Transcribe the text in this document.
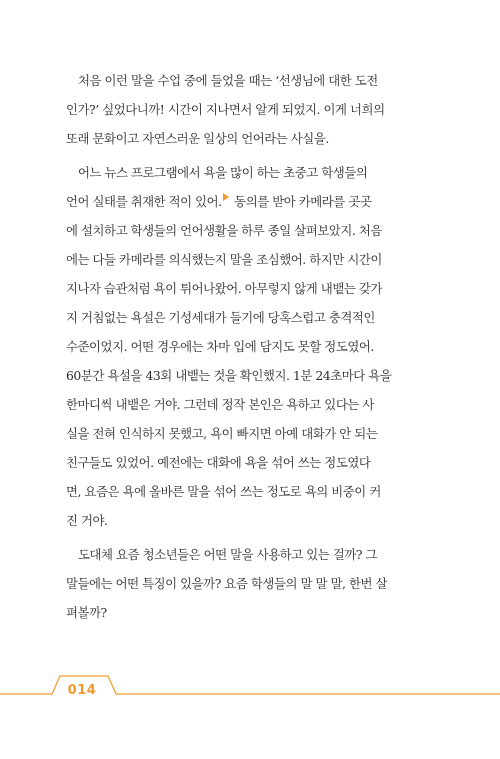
처음 이런 말을 수업 중에 들었을 때는 ‘선생님에 대한 도전
인가?’ 싶었다니까! 시간이 지나면서 알게 되었지. 이게 너희의
또래 문화이고 자연스러운 일상의 언어라는 사실을.
어느 뉴스 프로그램에서 욕을 많이 하는 초중고 학생들의
언어 실태를 취재한 적이 있어. 동의를 받아 카메라를 곳곳
에 설치하고 학생들의 언어생활을 하루 종일 살펴보았지. 처음
에는 다들 카메라를 의식했는지 말을 조심했어. 하지만 시간이
지나자 습관처럼 욕이 튀어나왔어. 아무렇지 않게 내뱉는 갖가
지 거침없는 욕설은 기성세대가 들기에 당혹스럽고 충격적인
수준이었지. 어떤 경우에는 차마 입에 담지도 못할 정도였어.
60분간 욕설을 43회 내뱉는 것을 확인했지. 1분 24초마다 욕을
한마디씩 내뱉은 거야. 그런데 정작 본인은 욕하고 있다는 사
실을 전혀 인식하지 못했고, 욕이 빠지면 아예 대화가 안 되는
친구들도 있었어. 예전에는 대화에 욕을 섞어 쓰는 정도였다
면, 요즘은 욕에 올바른 말을 섞어 쓰는 정도로 욕의 비중이 커
진 거야.
도대체 요즘 청소년들은 어떤 말을 사용하고 있는 걸까? 그
말들에는 어떤 특징이 있을까? 요즘 학생들의 말 말 말, 한번 살
펴볼까?
014
